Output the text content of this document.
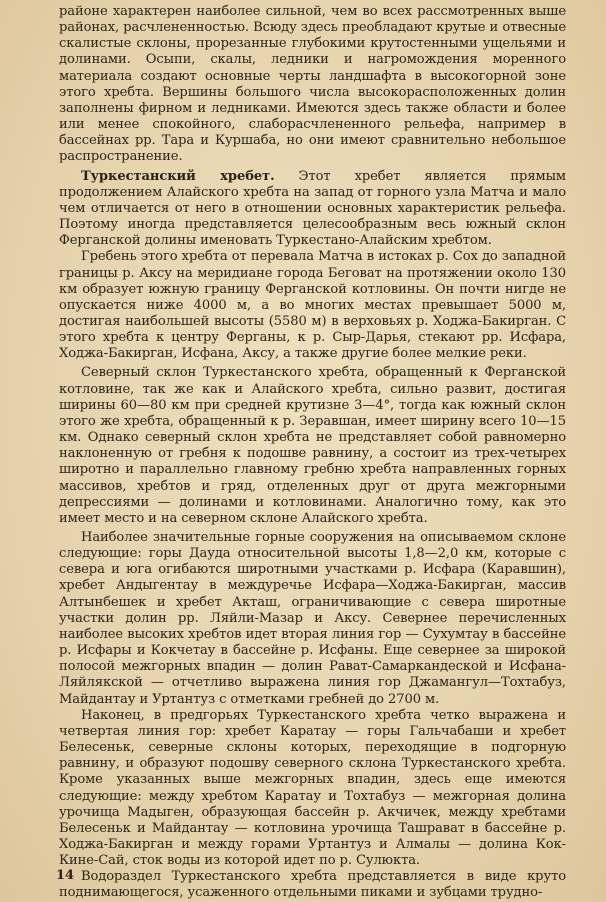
районе характерен наиболее сильной, чем во всех рассмотренных выше районах, расчлененностью. Всюду здесь преобладают крутые и отвесные скалистые склоны, прорезанные глубокими крутостенными ущельями и долинами. Осыпи, скалы, ледники и нагромождения моренного материала создают основные черты ландшафта в высокогорной зоне этого хребта. Вершины большого числа высокорасположенных долин заполнены фирном и ледниками. Имеются здесь также области и более или менее спокойного, слаборасчлененного рельефа, например в бассейнах рр. Тара и Куршаба, но они имеют сравнительно небольшое распространение.

Туркестанский хребет. Этот хребет является прямым продолжением Алайского хребта на запад от горного узла Матча и мало чем отличается от него в отношении основных характеристик рельефа. Поэтому иногда представляется целесообразным весь южный склон Ферганской долины именовать Туркестано-Алайским хребтом.

Гребень этого хребта от перевала Матча в истоках р. Сох до западной границы р. Аксу на меридиане города Беговат на протяжении около 130 км образует южную границу Ферганской котловины. Он почти нигде не опускается ниже 4000 м, а во многих местах превышает 5000 м, достигая наибольшей высоты (5580 м) в верховьях р. Ходжа-Бакирган. С этого хребта к центру Ферганы, к р. Сыр-Дарья, стекают рр. Исфара, Ходжа-Бакирган, Исфана, Аксу, а также другие более мелкие реки.

Северный склон Туркестанского хребта, обращенный к Ферганской котловине, так же как и Алайского хребта, сильно развит, достигая ширины 60—80 км при средней крутизне 3—4°, тогда как южный склон этого же хребта, обращенный к р. Зеравшан, имеет ширину всего 10—15 км. Однако северный склон хребта не представляет собой равномерно наклоненную от гребня к подошве равнину, а состоит из трех-четырех широтно и параллельно главному гребню хребта направленных горных массивов, хребтов и гряд, отделенных друг от друга межгорными депрессиями — долинами и котловинами. Аналогично тому, как это имеет место и на северном склоне Алайского хребта.

Наиболее значительные горные сооружения на описываемом склоне следующие: горы Дауда относительной высоты 1,8—2,0 км, которые с севера и юга огибаются широтными участками р. Исфара (Каравшин), хребет Андыгентау в междуречье Исфара—Ходжа-Бакирган, массив Алтынбешек и хребет Акташ, ограничивающие с севера широтные участки долин рр. Ляйли-Мазар и Аксу. Севернее перечисленных наиболее высоких хребтов идет вторая линия гор — Сухумтау в бассейне р. Исфары и Кокчетау в бассейне р. Исфаны. Еще севернее за широкой полосой межгорных впадин — долин Рават-Самаркандеской и Исфана-Ляйлякской — отчетливо выражена линия гор Джамангул—Тохтабуз, Майдантау и Уртантуз с отметками гребней до 2700 м.

Наконец, в предгорьях Туркестанского хребта четко выражена и четвертая линия гор: хребет Каратау — горы Гальчабаши и хребет Белесеньк, северные склоны которых, переходящие в подгорную равнину, и образуют подошву северного склона Туркестанского хребта. Кроме указанных выше межгорных впадин, здесь еще имеются следующие: между хребтом Каратау и Тохтабуз — межгорная долина урочища Мадыген, образующая бассейн р. Акчичек, между хребтами Белесеньк и Майдантау — котловина урочища Ташрават в бассейне р. Ходжа-Бакирган и между горами Уртантуз и Алмалы — долина Кок-Кине-Сай, сток воды из которой идет по р. Сулюкта.

Водораздел Туркестанского хребта представляется в виде круто поднимающегося, усаженного отдельными пиками и зубцами трудно-

14
